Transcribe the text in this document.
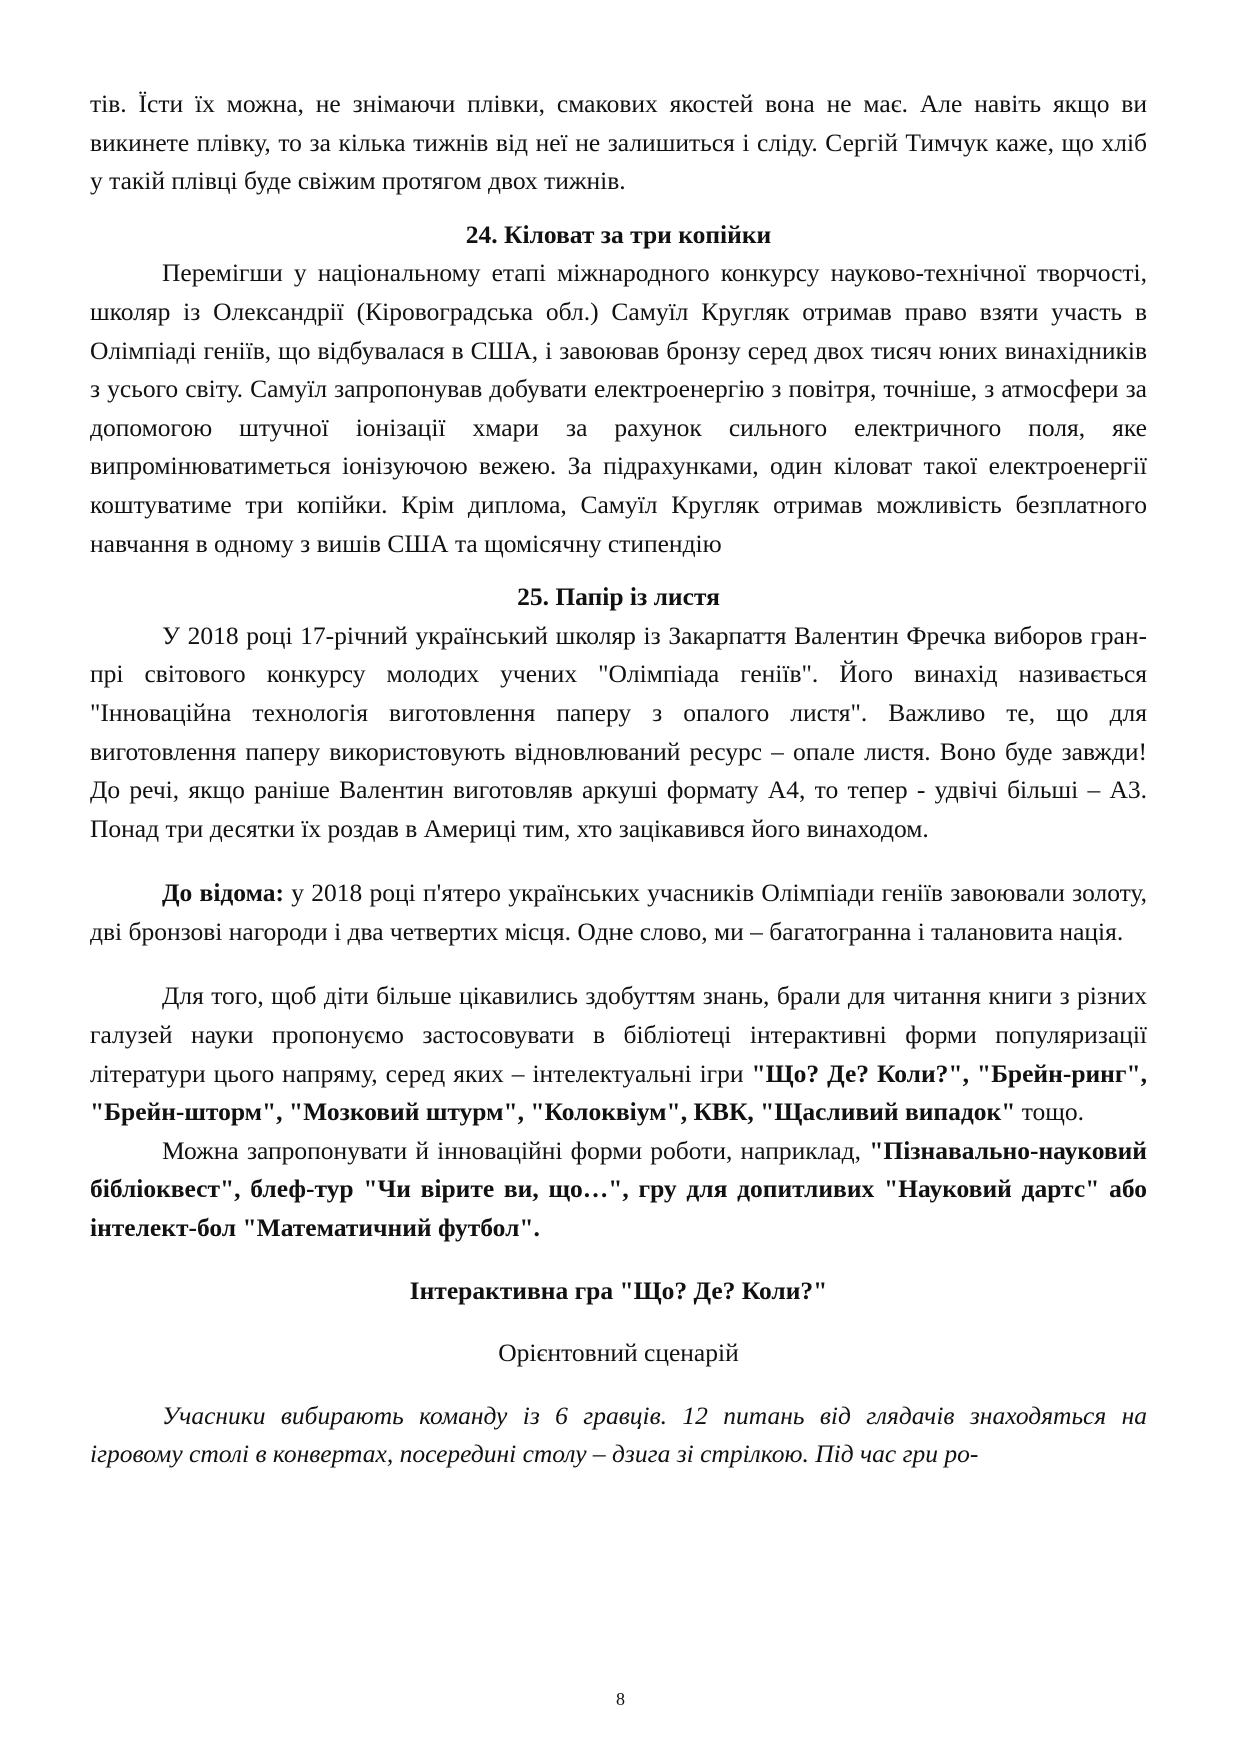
тів. Їсти їх можна, не знімаючи плівки, смакових якостей вона не має. Але навіть якщо ви викинете плівку, то за кілька тижнів від неї не залишиться і сліду. Сергій Тимчук каже, що хліб у такій плівці буде свіжим протягом двох тижнів.

24. Кіловат за три копійки

Перемігши у національному етапі міжнародного конкурсу науково-технічної творчості, школяр із Олександрії (Кіровоградська обл.) Самуїл Кругляк отримав право взяти участь в Олімпіаді геніїв, що відбувалася в США, і завоював бронзу серед двох тисяч юних винахідників з усього світу. Самуїл запропонував добувати електроенергію з повітря, точніше, з атмосфери за допомогою штучної іонізації хмари за рахунок сильного електричного поля, яке випромінюватиметься іонізуючою вежею. За підрахунками, один кіловат такої електроенергії коштуватиме три копійки. Крім диплома, Самуїл Кругляк отримав можливість безплатного навчання в одному з вишів США та щомісячну стипендію

25. Папір із листя

У 2018 році 17-річний український школяр із Закарпаття Валентин Фречка виборов гран-прі світового конкурсу молодих учених "Олімпіада геніїв". Його винахід називається "Інноваційна технологія виготовлення паперу з опалого листя". Важливо те, що для виготовлення паперу використовують відновлюваний ресурс – опале листя. Воно буде завжди! До речі, якщо раніше Валентин виготовляв аркуші формату А4, то тепер - удвічі більші – А3. Понад три десятки їх роздав в Америці тим, хто зацікавився його винаходом.

До відома: у 2018 році п'ятеро українських учасників Олімпіади геніїв завоювали золоту, дві бронзові нагороди і два четвертих місця. Одне слово, ми – багатогранна і талановита нація.

Для того, щоб діти більше цікавились здобуттям знань, брали для читання книги з різних галузей науки пропонуємо застосовувати в бібліотеці інтерактивні форми популяризації літератури цього напряму, серед яких – інтелектуальні ігри "Що? Де? Коли?", "Брейн-ринг", "Брейн-шторм", "Мозковий штурм", "Колоквіум", КВК, "Щасливий випадок" тощо.

Можна запропонувати й інноваційні форми роботи, наприклад, "Пізнавально-науковий бібліоквест", блеф-тур "Чи вірите ви, що…", гру для допитливих "Науковий дартс" або інтелект-бол "Математичний футбол".

Інтерактивна гра "Що? Де? Коли?"

Орієнтовний сценарій

Учасники вибирають команду із 6 гравців. 12 питань від глядачів знаходяться на ігровому столі в конвертах, посередині столу – дзига зі стрілкою. Під час гри ро-

8
